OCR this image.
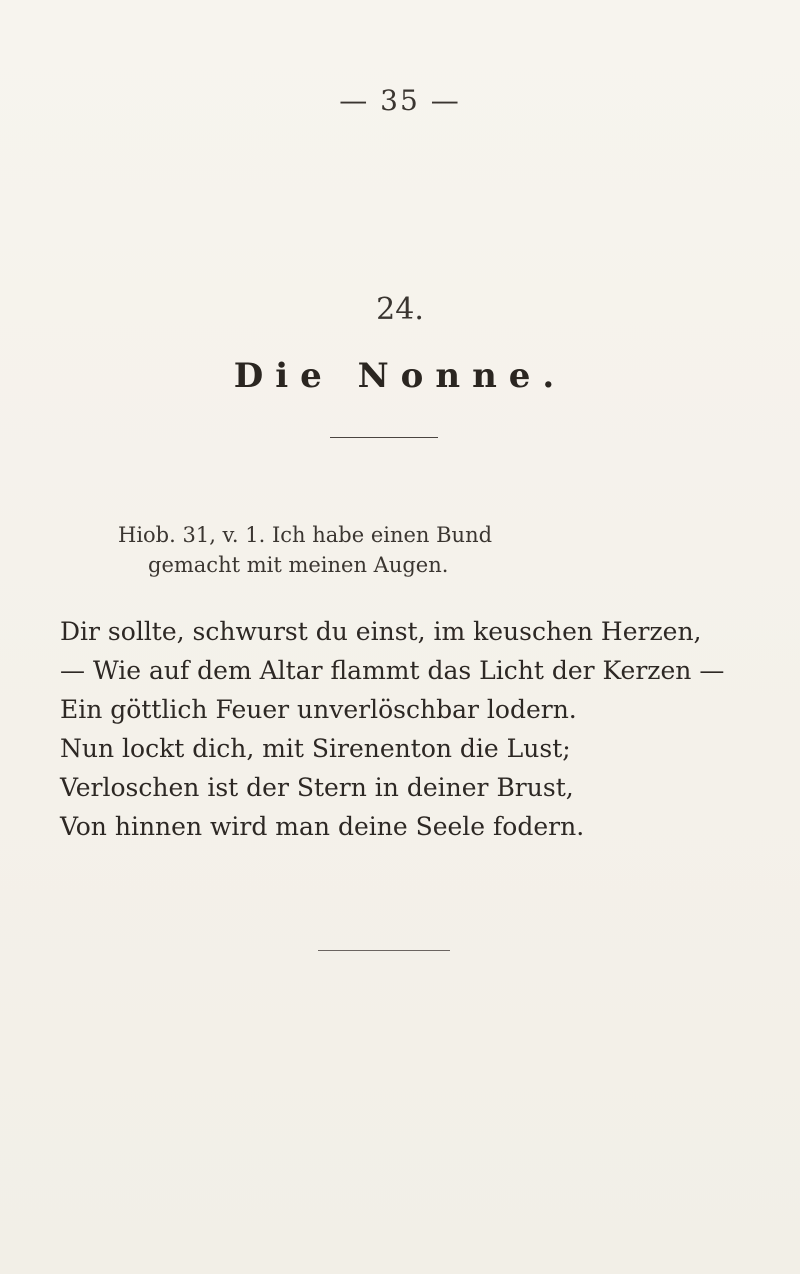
— 35 —
24.
Die Nonne.
Hiob. 31, v. 1. Ich habe einen Bund
gemacht mit meinen Augen.
Dir sollte, schwurst du einst, im keuschen Herzen,
— Wie auf dem Altar flammt das Licht der Kerzen —
Ein göttlich Feuer unverlöschbar lodern.
Nun lockt dich, mit Sirenenton die Lust;
Verloschen ist der Stern in deiner Brust,
Von hinnen wird man deine Seele fodern.
